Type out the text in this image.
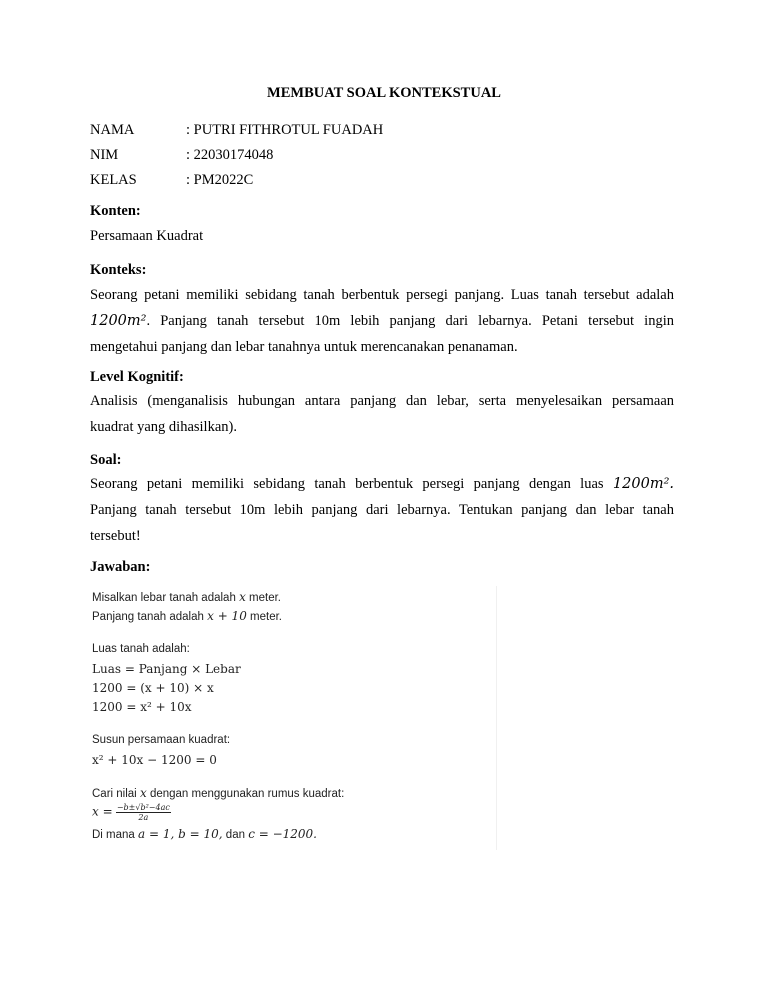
MEMBUAT SOAL KONTEKSTUAL
NAMA	: PUTRI FITHROTUL FUADAH
NIM	: 22030174048
KELAS	: PM2022C
Konten:
Persamaan Kuadrat
Konteks:
Seorang petani memiliki sebidang tanah berbentuk persegi panjang. Luas tanah tersebut adalah
1200m². Panjang tanah tersebut 10m lebih panjang dari lebarnya. Petani tersebut ingin
mengetahui panjang dan lebar tanahnya untuk merencanakan penanaman.
Level Kognitif:
Analisis (menganalisis hubungan antara panjang dan lebar, serta menyelesaikan persamaan
kuadrat yang dihasilkan).
Soal:
Seorang petani memiliki sebidang tanah berbentuk persegi panjang dengan luas 1200m².
Panjang tanah tersebut 10m lebih panjang dari lebarnya. Tentukan panjang dan lebar tanah
tersebut!
Jawaban:
Misalkan lebar tanah adalah x meter.
Panjang tanah adalah x + 10 meter.
Luas tanah adalah:
Luas = Panjang × Lebar
1200 = (x + 10) × x
1200 = x² + 10x
Susun persamaan kuadrat:
x² + 10x − 1200 = 0
Cari nilai x dengan menggunakan rumus kuadrat:
$x = \frac{\text{−b±√b²−4ac}}{2a}$
Di mana a = 1, b = 10, dan c = −1200.
